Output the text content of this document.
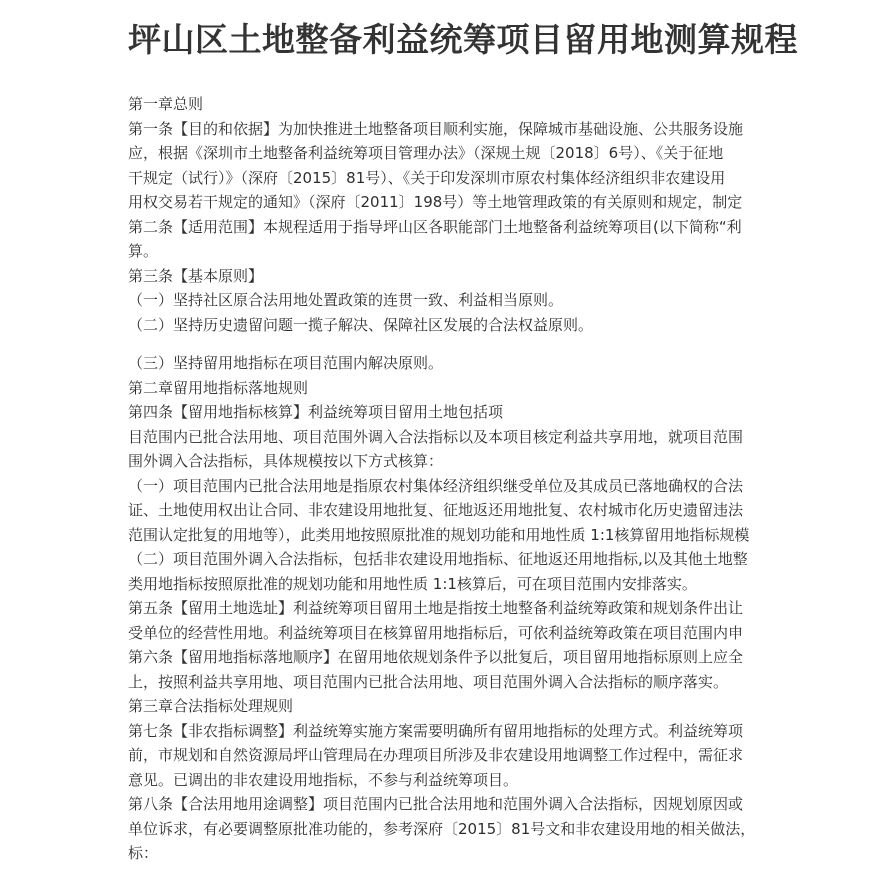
坪山区土地整备利益统筹项目留用地测算规程
第一章总则
第一条【目的和依据】为加快推进土地整备项目顺利实施，保障城市基础设施、公共服务设施
应，根据《深圳市土地整备利益统筹项目管理办法》（深规土规〔2018〕6号）、《关于征地
干规定（试行）》（深府〔2015〕81号）、《关于印发深圳市原农村集体经济组织非农建设用
用权交易若干规定的通知》（深府〔2011〕198号）等土地管理政策的有关原则和规定，制定
第二条【适用范围】本规程适用于指导坪山区各职能部门土地整备利益统筹项目(以下简称“利
算。
第三条【基本原则】
（一）坚持社区原合法用地处置政策的连贯一致、利益相当原则。
（二）坚持历史遗留问题一揽子解决、保障社区发展的合法权益原则。
（三）坚持留用地指标在项目范围内解决原则。
第二章留用地指标落地规则
第四条【留用地指标核算】利益统筹项目留用土地包括项
目范围内已批合法用地、项目范围外调入合法指标以及本项目核定利益共享用地，就项目范围
围外调入合法指标，具体规模按以下方式核算：
（一）项目范围内已批合法用地是指原农村集体经济组织继受单位及其成员已落地确权的合法
证、土地使用权出让合同、非农建设用地批复、征地返还用地批复、农村城市化历史遗留违法
范围认定批复的用地等），此类用地按照原批准的规划功能和用地性质 1:1核算留用地指标规模
（二）项目范围外调入合法指标，包括非农建设用地指标、征地返还用地指标,以及其他土地整
类用地指标按照原批准的规划功能和用地性质 1:1核算后，可在项目范围内安排落实。
第五条【留用土地选址】利益统筹项目留用土地是指按土地整备利益统筹政策和规划条件出让
受单位的经营性用地。利益统筹项目在核算留用地指标后，可依利益统筹政策在项目范围内申
第六条【留用地指标落地顺序】在留用地依规划条件予以批复后，项目留用地指标原则上应全
上，按照利益共享用地、项目范围内已批合法用地、项目范围外调入合法指标的顺序落实。
第三章合法指标处理规则
第七条【非农指标调整】利益统筹实施方案需要明确所有留用地指标的处理方式。利益统筹项
前，市规划和自然资源局坪山管理局在办理项目所涉及非农建设用地调整工作过程中，需征求
意见。已调出的非农建设用地指标，不参与利益统筹项目。
第八条【合法用地用途调整】项目范围内已批合法用地和范围外调入合法指标，因规划原因或
单位诉求，有必要调整原批准功能的，参考深府〔2015〕81号文和非农建设用地的相关做法，
标：
